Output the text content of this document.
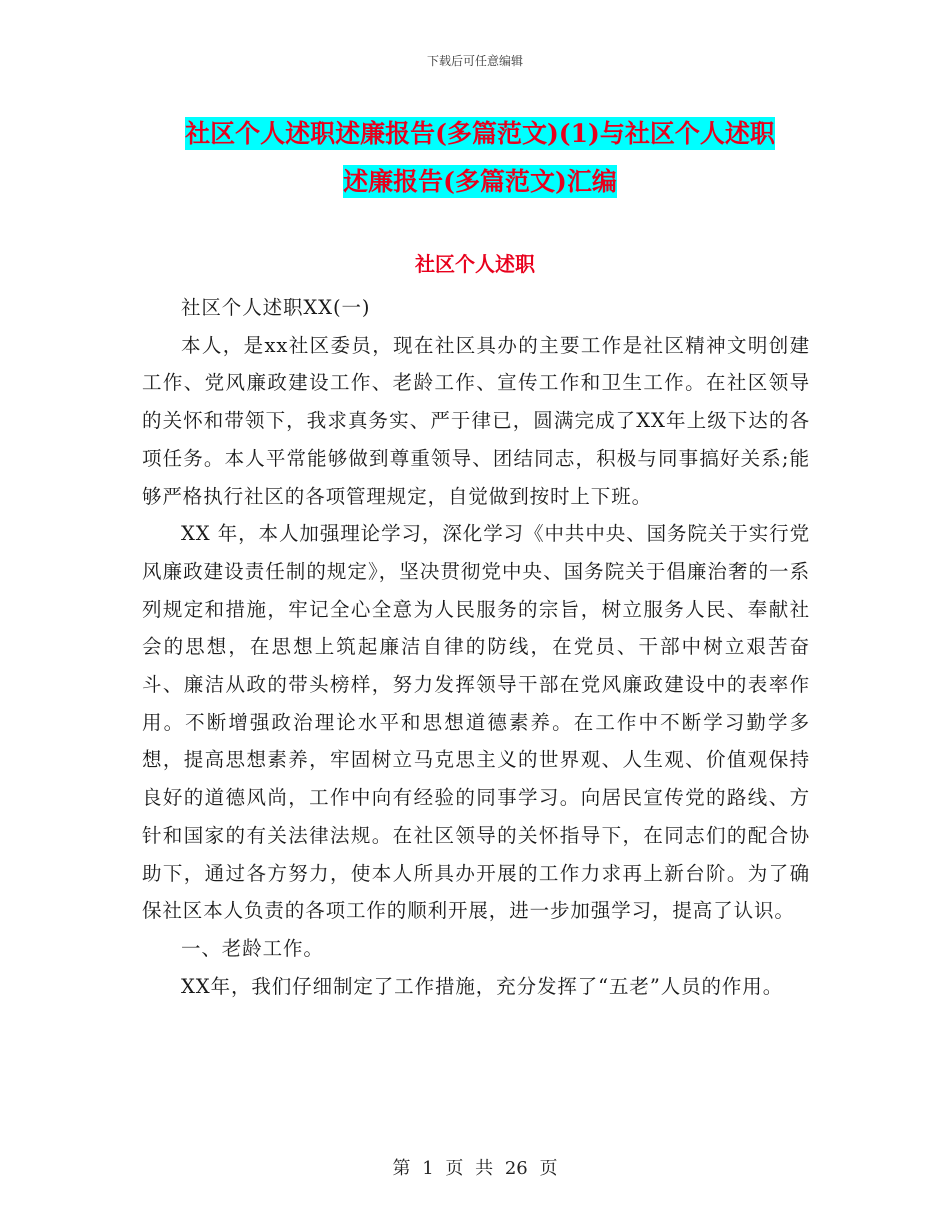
下载后可任意编辑
社区个人述职述廉报告(多篇范文)(1)与社区个人述职
述廉报告(多篇范文)汇编
社区个人述职

社区个人述职XX(一)

本人，是xx社区委员，现在社区具办的主要工作是社区精神文明创建工作、党风廉政建设工作、老龄工作、宣传工作和卫生工作。在社区领导的关怀和带领下，我求真务实、严于律已，圆满完成了XX年上级下达的各项任务。本人平常能够做到尊重领导、团结同志，积极与同事搞好关系;能够严格执行社区的各项管理规定，自觉做到按时上下班。

XX 年，本人加强理论学习，深化学习《中共中央、国务院关于实行党风廉政建设责任制的规定》，坚决贯彻党中央、国务院关于倡廉治奢的一系列规定和措施，牢记全心全意为人民服务的宗旨，树立服务人民、奉献社会的思想，在思想上筑起廉洁自律的防线，在党员、干部中树立艰苦奋斗、廉洁从政的带头榜样，努力发挥领导干部在党风廉政建设中的表率作用。不断增强政治理论水平和思想道德素养。在工作中不断学习勤学多想，提高思想素养，牢固树立马克思主义的世界观、人生观、价值观保持良好的道德风尚，工作中向有经验的同事学习。向居民宣传党的路线、方针和国家的有关法律法规。在社区领导的关怀指导下，在同志们的配合协助下，通过各方努力，使本人所具办开展的工作力求再上新台阶。为了确保社区本人负责的各项工作的顺利开展，进一步加强学习，提高了认识。

一、老龄工作。

XX年，我们仔细制定了工作措施，充分发挥了“五老”人员的作用。

第 1 页 共 26 页
